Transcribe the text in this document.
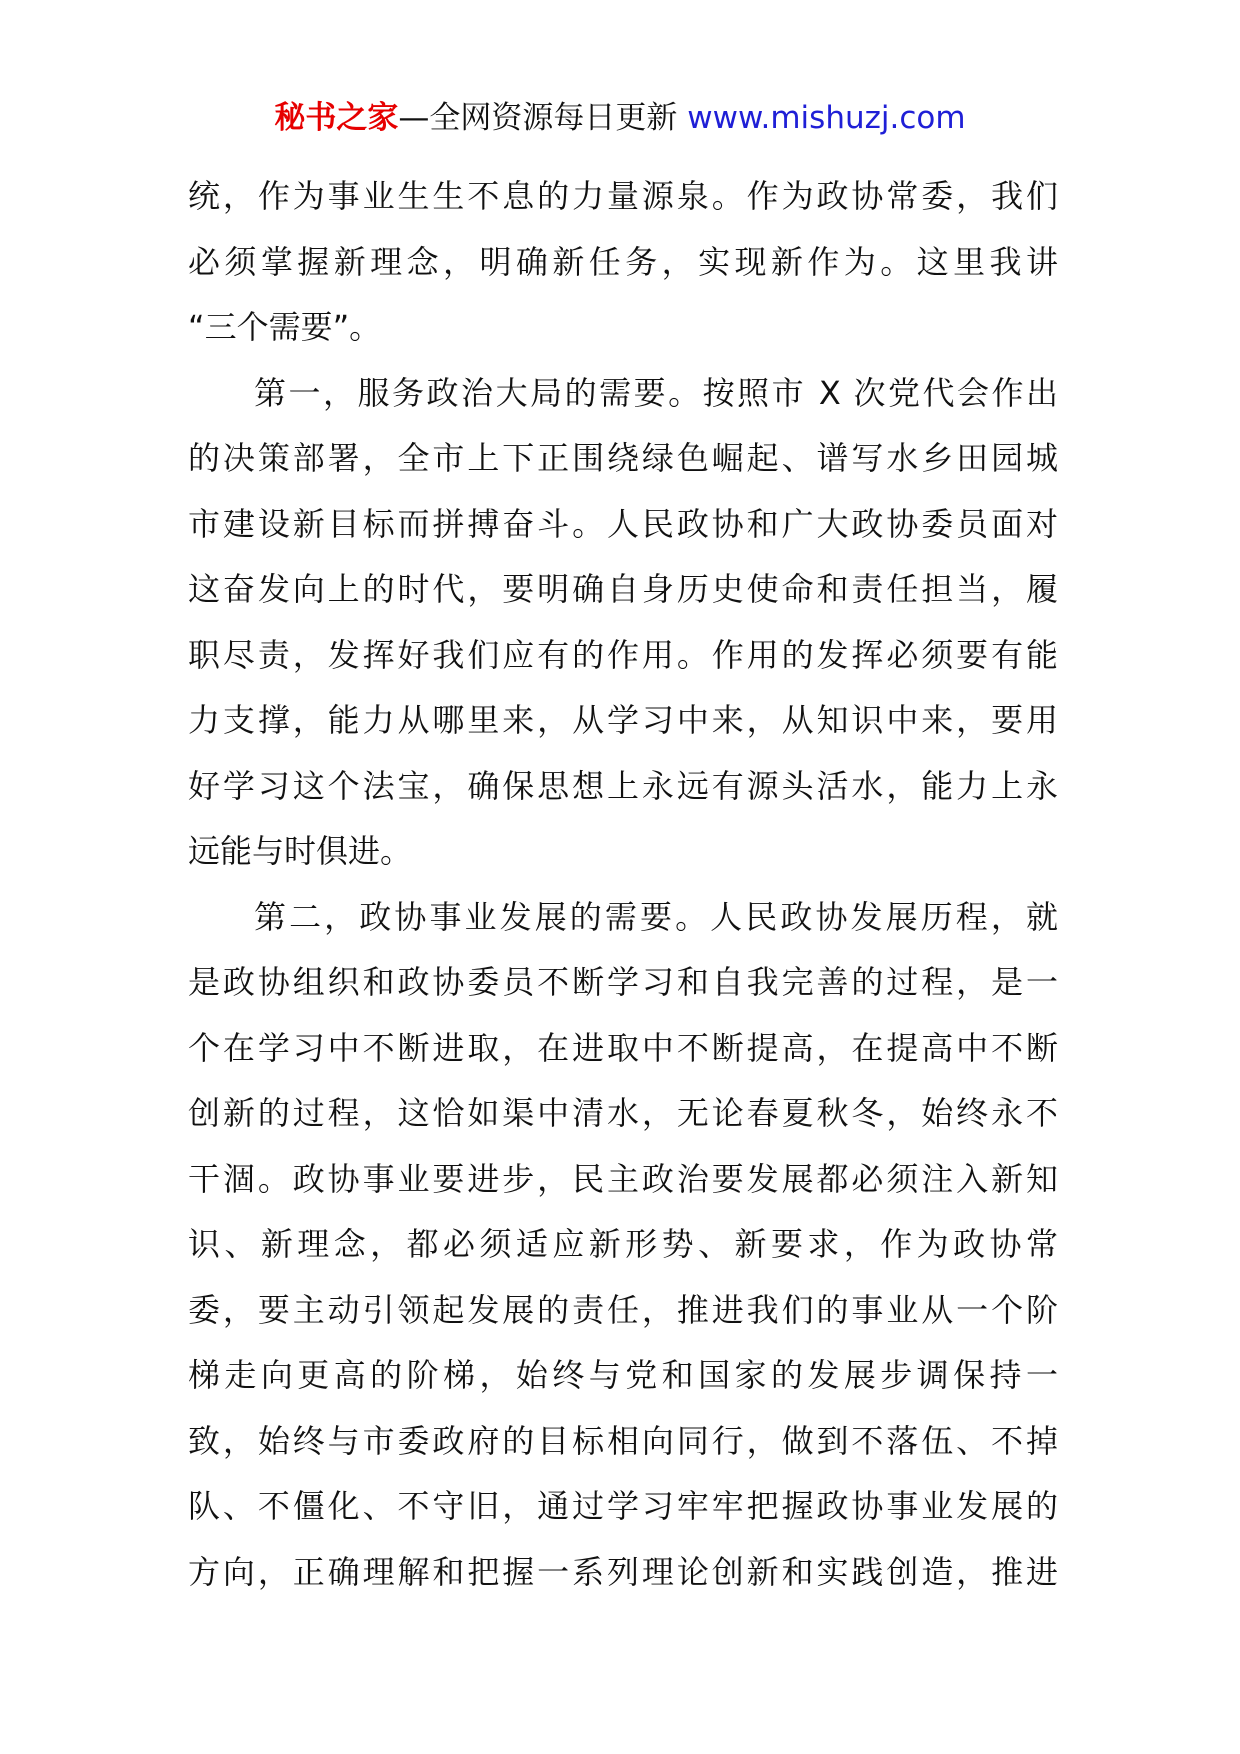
秘书之家—全网资源每日更新 www.mishuzj.com
统，作为事业生生不息的力量源泉。作为政协常委，我们
必须掌握新理念，明确新任务，实现新作为。这里我讲
“三个需要”。
第一，服务政治大局的需要。按照市 X 次党代会作出
的决策部署，全市上下正围绕绿色崛起、谱写水乡田园城
市建设新目标而拼搏奋斗。人民政协和广大政协委员面对
这奋发向上的时代，要明确自身历史使命和责任担当，履
职尽责，发挥好我们应有的作用。作用的发挥必须要有能
力支撑，能力从哪里来，从学习中来，从知识中来，要用
好学习这个法宝，确保思想上永远有源头活水，能力上永
远能与时俱进。
第二，政协事业发展的需要。人民政协发展历程，就
是政协组织和政协委员不断学习和自我完善的过程，是一
个在学习中不断进取，在进取中不断提高，在提高中不断
创新的过程，这恰如渠中清水，无论春夏秋冬，始终永不
干涸。政协事业要进步，民主政治要发展都必须注入新知
识、新理念，都必须适应新形势、新要求，作为政协常
委，要主动引领起发展的责任，推进我们的事业从一个阶
梯走向更高的阶梯，始终与党和国家的发展步调保持一
致，始终与市委政府的目标相向同行，做到不落伍、不掉
队、不僵化、不守旧，通过学习牢牢把握政协事业发展的
方向，正确理解和把握一系列理论创新和实践创造，推进
